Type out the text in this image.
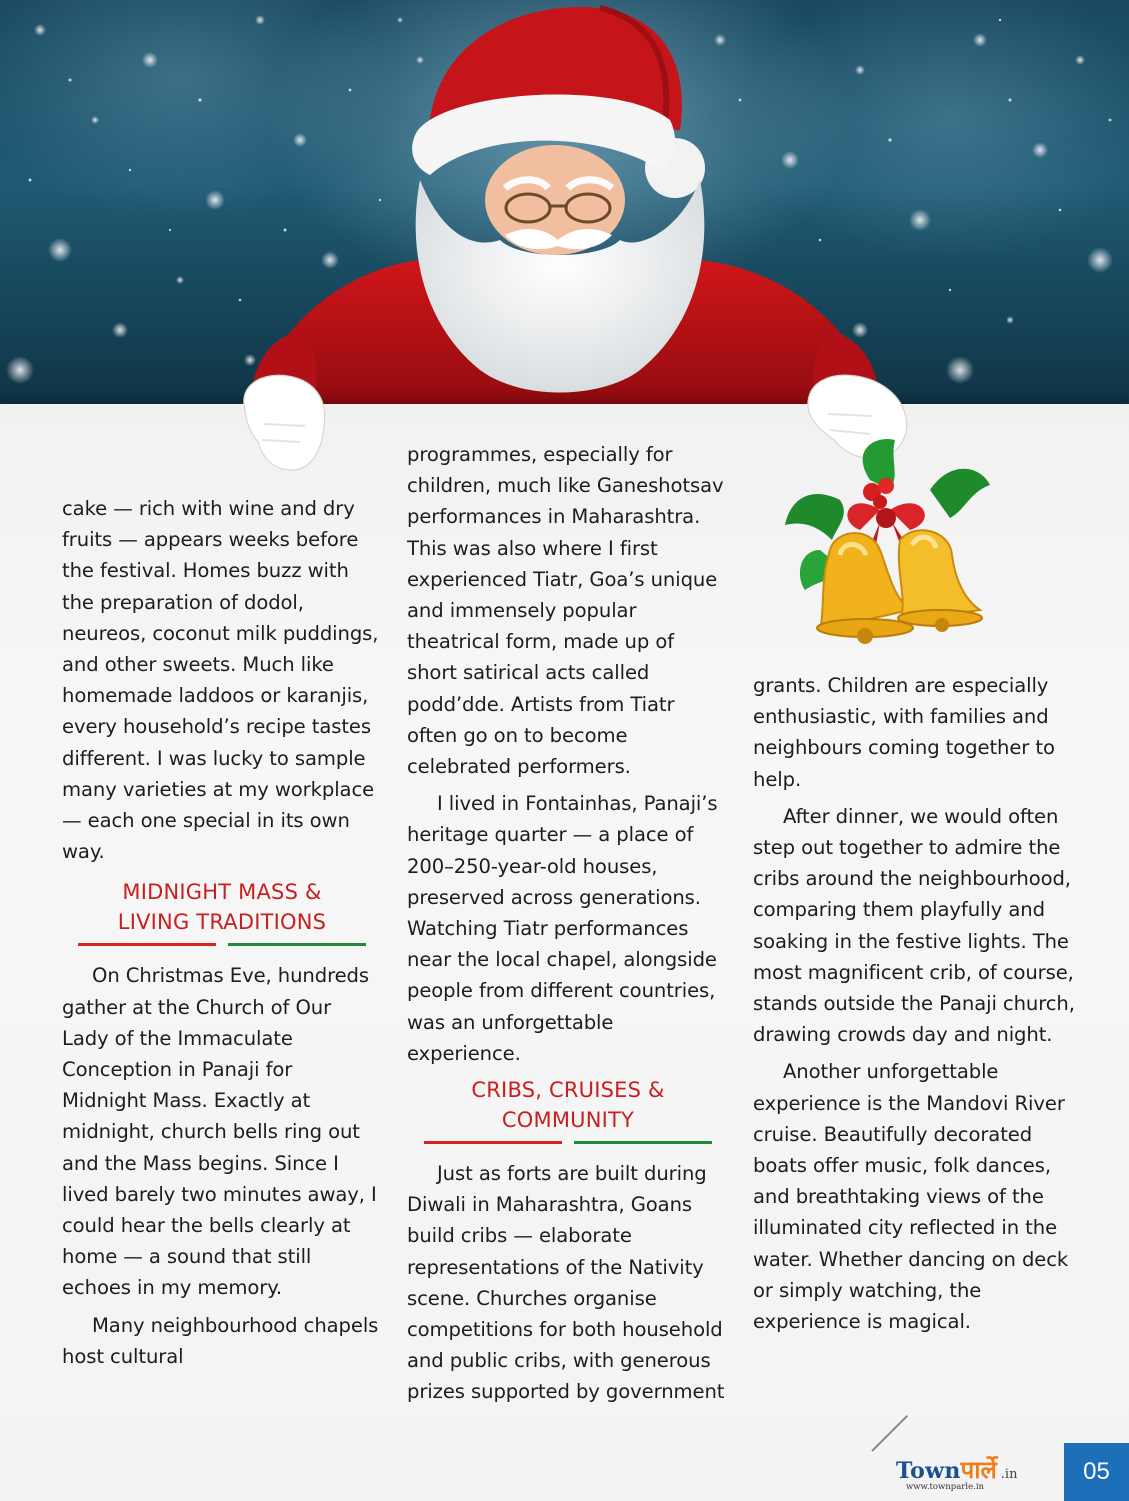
cake — rich with wine and dry fruits — appears weeks before the festival. Homes buzz with the preparation of dodol, neureos, coconut milk puddings, and other sweets. Much like homemade laddoos or karanjis, every household’s recipe tastes different. I was lucky to sample many varieties at my workplace — each one special in its own way.

MIDNIGHT MASS &
LIVING TRADITIONS

On Christmas Eve, hundreds gather at the Church of Our Lady of the Immaculate Conception in Panaji for Midnight Mass. Exactly at midnight, church bells ring out and the Mass begins. Since I lived barely two minutes away, I could hear the bells clearly at home — a sound that still echoes in my memory.

Many neighbourhood chapels host cultural

programmes, especially for children, much like Ganeshotsav performances in Maharashtra. This was also where I first experienced Tiatr, Goa’s unique and immensely popular theatrical form, made up of short satirical acts called podd’dde. Artists from Tiatr often go on to become celebrated performers.

I lived in Fontainhas, Panaji’s heritage quarter — a place of 200–250-year-old houses, preserved across generations. Watching Tiatr performances near the local chapel, alongside people from different countries, was an unforgettable experience.

CRIBS, CRUISES &
COMMUNITY

Just as forts are built during Diwali in Maharashtra, Goans build cribs — elaborate representations of the Nativity scene. Churches organise competitions for both household and public cribs, with generous prizes supported by government

grants. Children are especially enthusiastic, with families and neighbours coming together to help.

After dinner, we would often step out together to admire the cribs around the neighbourhood, comparing them playfully and soaking in the festive lights. The most magnificent crib, of course, stands outside the Panaji church, drawing crowds day and night.

Another unforgettable experience is the Mandovi River cruise. Beautifully decorated boats offer music, folk dances, and breathtaking views of the illuminated city reflected in the water. Whether dancing on deck or simply watching, the experience is magical.

Townपार्ले .in
www.townparle.in
05
